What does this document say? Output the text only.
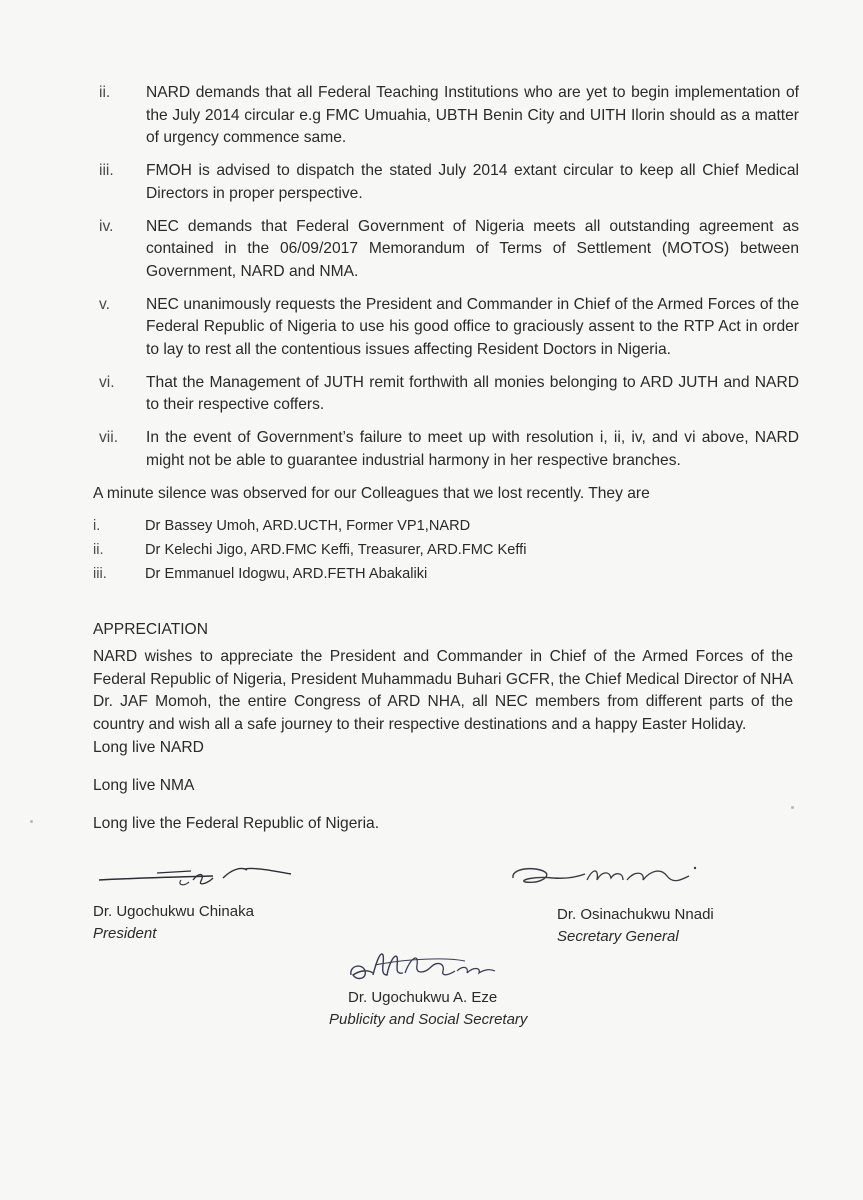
ii.	NARD demands that all Federal Teaching Institutions who are yet to begin implementation of the July 2014 circular e.g FMC Umuahia, UBTH Benin City and UITH Ilorin should as a matter of urgency commence same.
iii.	FMOH is advised to dispatch the stated July 2014 extant circular to keep all Chief Medical Directors in proper perspective.
iv.	NEC demands that Federal Government of Nigeria meets all outstanding agreement as contained in the 06/09/2017 Memorandum of Terms of Settlement (MOTOS) between Government, NARD and NMA.
v.	NEC unanimously requests the President and Commander in Chief of the Armed Forces of the Federal Republic of Nigeria to use his good office to graciously assent to the RTP Act in order to lay to rest all the contentious issues affecting Resident Doctors in Nigeria.
vi.	That the Management of JUTH remit forthwith all monies belonging to ARD JUTH and NARD to their respective coffers.
vii.	In the event of Government’s failure to meet up with resolution i, ii, iv, and vi above, NARD might not be able to guarantee industrial harmony in her respective branches.
A minute silence was observed for our Colleagues that we lost recently. They are
i.	Dr Bassey Umoh, ARD.UCTH, Former VP1,NARD
ii.	Dr Kelechi Jigo, ARD.FMC Keffi, Treasurer, ARD.FMC Keffi
iii.	Dr Emmanuel Idogwu, ARD.FETH Abakaliki
APPRECIATION
NARD wishes to appreciate the President and Commander in Chief of the Armed Forces of the Federal Republic of Nigeria, President Muhammadu Buhari GCFR, the Chief Medical Director of NHA Dr. JAF Momoh, the entire Congress of ARD NHA, all NEC members from different parts of the country and wish all a safe journey to their respective destinations and a happy Easter Holiday.
Long live NARD
Long live NMA
Long live the Federal Republic of Nigeria.
Dr. Ugochukwu Chinaka
President
Dr. Osinachukwu Nnadi
Secretary General
Dr. Ugochukwu A. Eze
Publicity and Social Secretary
